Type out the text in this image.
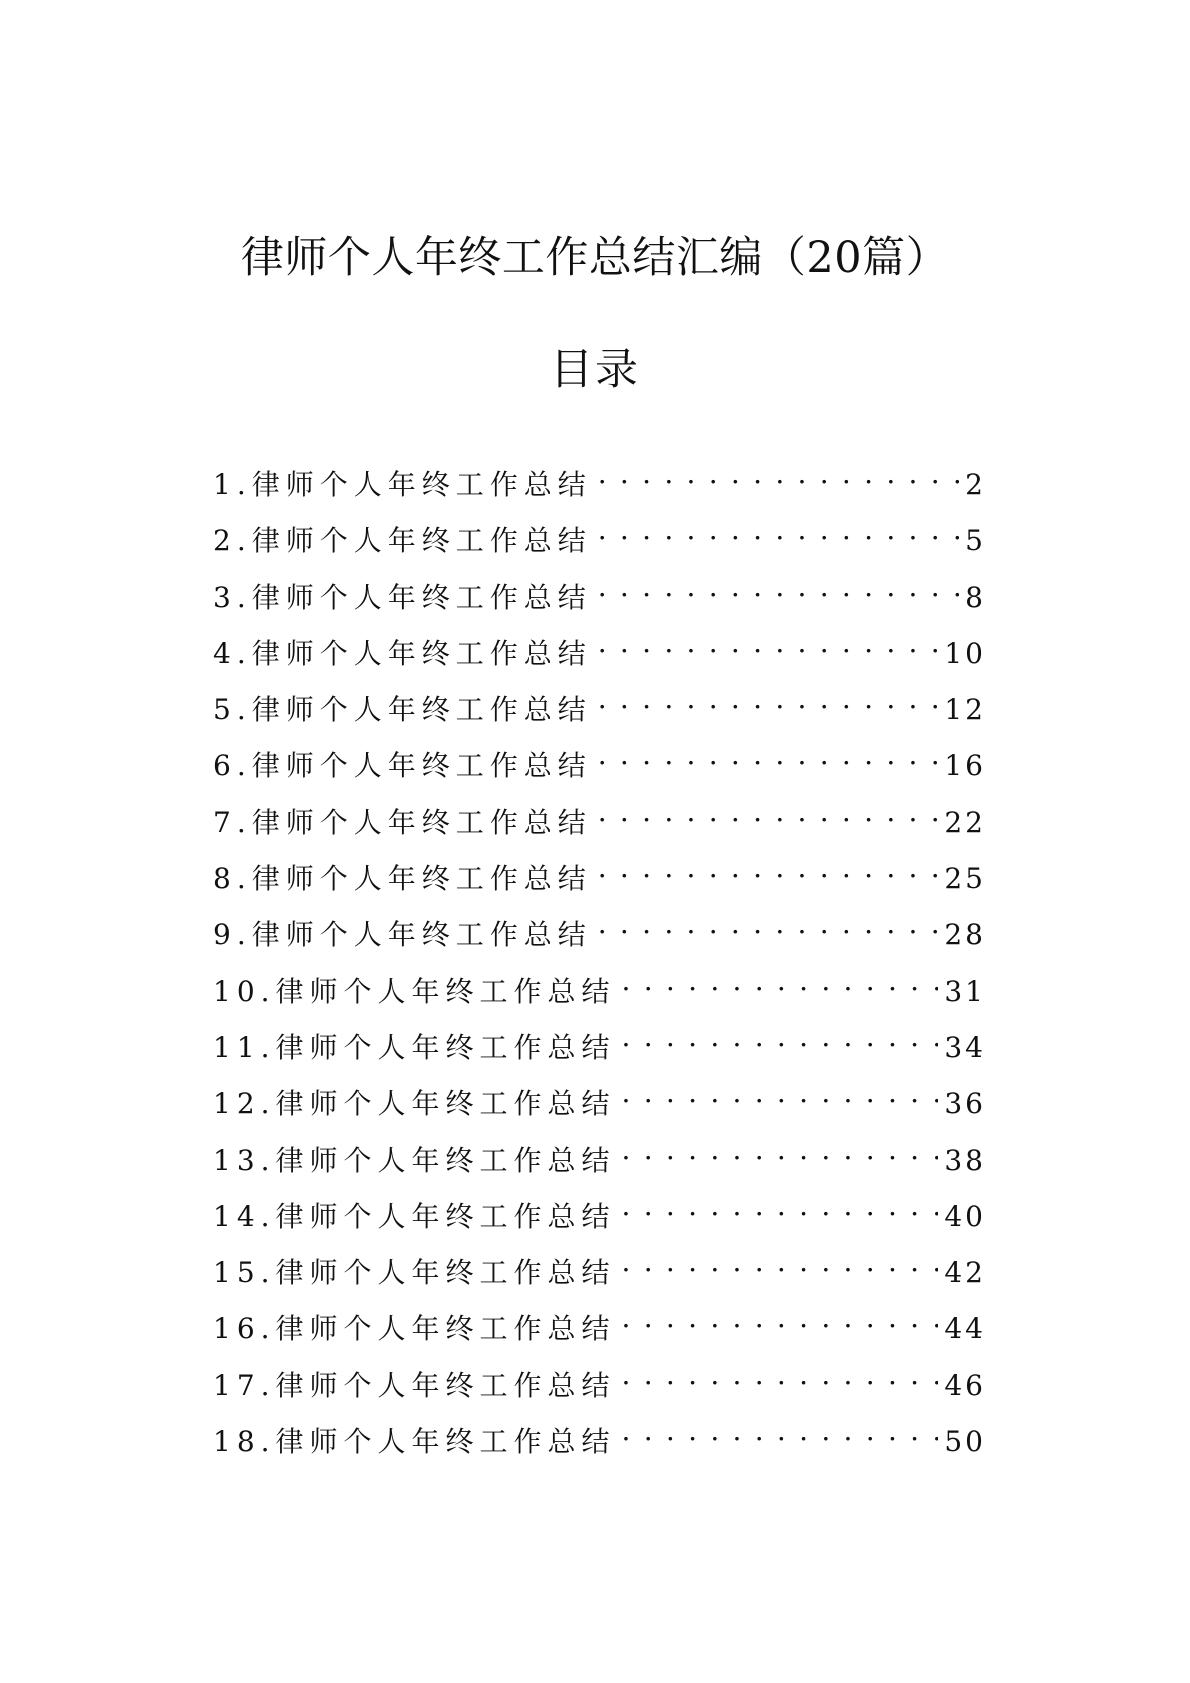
律师个人年终工作总结汇编（20篇）
目录
1.律师个人年终工作总结 . . .	2
2.律师个人年终工作总结 . . .	5
3.律师个人年终工作总结 . . .	8
4.律师个人年终工作总结 . . .	10
5.律师个人年终工作总结 . . .	12
6.律师个人年终工作总结 . . .	16
7.律师个人年终工作总结 . . .	22
8.律师个人年终工作总结 . . .	25
9.律师个人年终工作总结 . . .	28
10.律师个人年终工作总结 . . .	31
11.律师个人年终工作总结 . . .	34
12.律师个人年终工作总结 . . .	36
13.律师个人年终工作总结 . . .	38
14.律师个人年终工作总结 . . .	40
15.律师个人年终工作总结 . . .	42
16.律师个人年终工作总结 . . .	44
17.律师个人年终工作总结 . . .	46
18.律师个人年终工作总结 . . .	50
